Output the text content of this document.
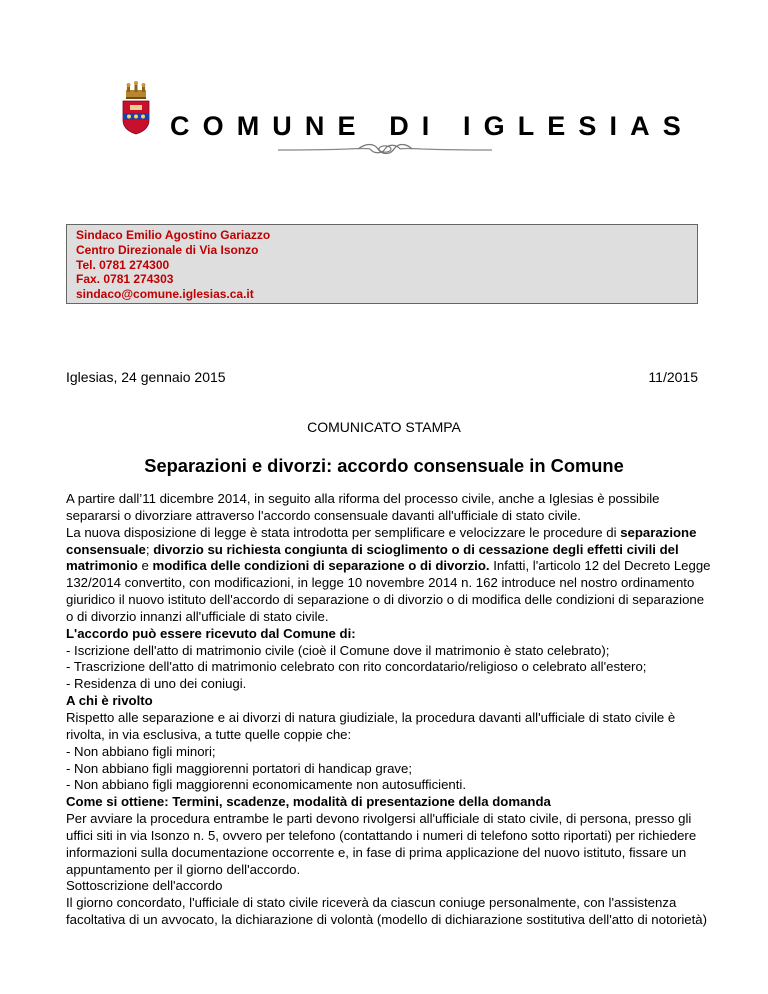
COMUNE DI IGLESIAS
Sindaco Emilio Agostino Gariazzo
Centro Direzionale di Via Isonzo
Tel. 0781 274300
Fax. 0781 274303
sindaco@comune.iglesias.ca.it
Iglesias, 24 gennaio 2015	11/2015
COMUNICATO STAMPA
Separazioni e divorzi: accordo consensuale in Comune

A partire dall’11 dicembre 2014, in seguito alla riforma del processo civile, anche a Iglesias è possibile

separarsi o divorziare attraverso l'accordo consensuale davanti all'ufficiale di stato civile.

La nuova disposizione di legge è stata introdotta per semplificare e velocizzare le procedure di separazione

consensuale; divorzio su richiesta congiunta di scioglimento o di cessazione degli effetti civili del

matrimonio e modifica delle condizioni di separazione o di divorzio. Infatti, l'articolo 12 del Decreto Legge

132/2014 convertito, con modificazioni, in legge 10 novembre 2014 n. 162 introduce nel nostro ordinamento

giuridico il nuovo istituto dell'accordo di separazione o di divorzio o di modifica delle condizioni di separazione

o di divorzio innanzi all'ufficiale di stato civile.

L'accordo può essere ricevuto dal Comune di:

- Iscrizione dell'atto di matrimonio civile (cioè il Comune dove il matrimonio è stato celebrato);

- Trascrizione dell'atto di matrimonio celebrato con rito concordatario/religioso o celebrato all'estero;

- Residenza di uno dei coniugi.

A chi è rivolto

Rispetto alle separazione e ai divorzi di natura giudiziale, la procedura davanti all'ufficiale di stato civile è

rivolta, in via esclusiva, a tutte quelle coppie che:

- Non abbiano figli minori;

- Non abbiano figli maggiorenni portatori di handicap grave;

- Non abbiano figli maggiorenni economicamente non autosufficienti.

Come si ottiene: Termini, scadenze, modalità di presentazione della domanda

Per avviare la procedura entrambe le parti devono rivolgersi all'ufficiale di stato civile, di persona, presso gli

uffici siti in via Isonzo n. 5, ovvero per telefono (contattando i numeri di telefono sotto riportati) per richiedere

informazioni sulla documentazione occorrente e, in fase di prima applicazione del nuovo istituto, fissare un

appuntamento per il giorno dell'accordo.

Sottoscrizione dell'accordo

Il giorno concordato, l'ufficiale di stato civile riceverà da ciascun coniuge personalmente, con l'assistenza

facoltativa di un avvocato, la dichiarazione di volontà (modello di dichiarazione sostitutiva dell'atto di notorietà)
